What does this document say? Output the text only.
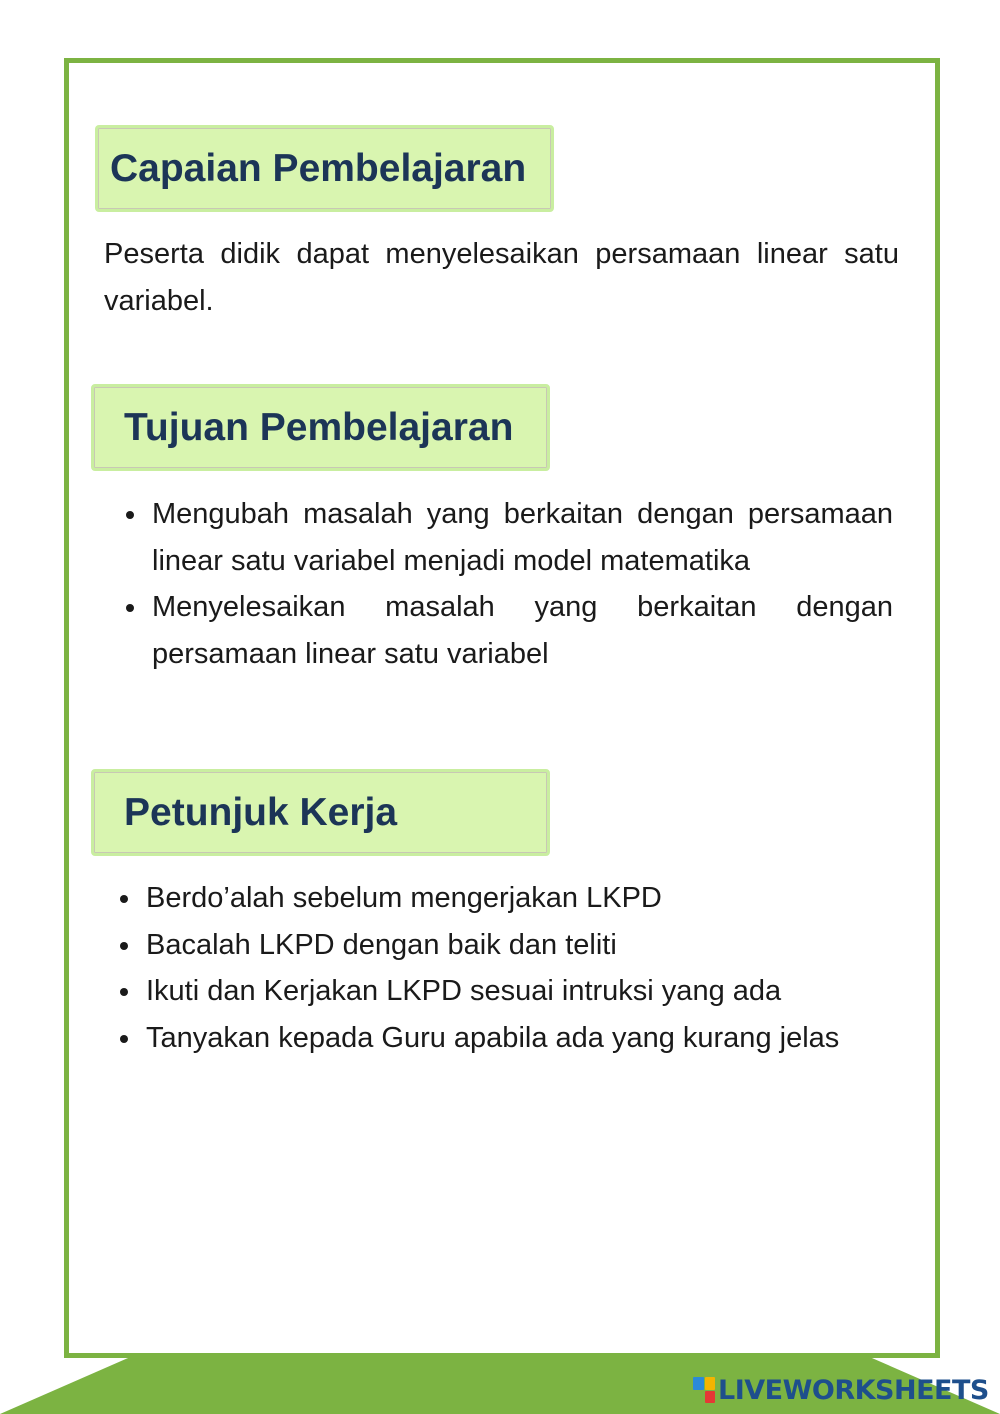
Capaian Pembelajaran

Peserta didik dapat menyelesaikan persamaan linear satu variabel.

Tujuan Pembelajaran
Mengubah masalah yang berkaitan dengan persamaan linear satu variabel menjadi model matematika
Menyelesaikan masalah yang berkaitan dengan persamaan linear satu variabel
Petunjuk Kerja
Berdo’alah sebelum mengerjakan LKPD
Bacalah LKPD dengan baik dan teliti
Ikuti dan Kerjakan LKPD sesuai intruksi yang ada
Tanyakan kepada Guru apabila ada yang kurang jelas
LIVEWORKSHEETS
